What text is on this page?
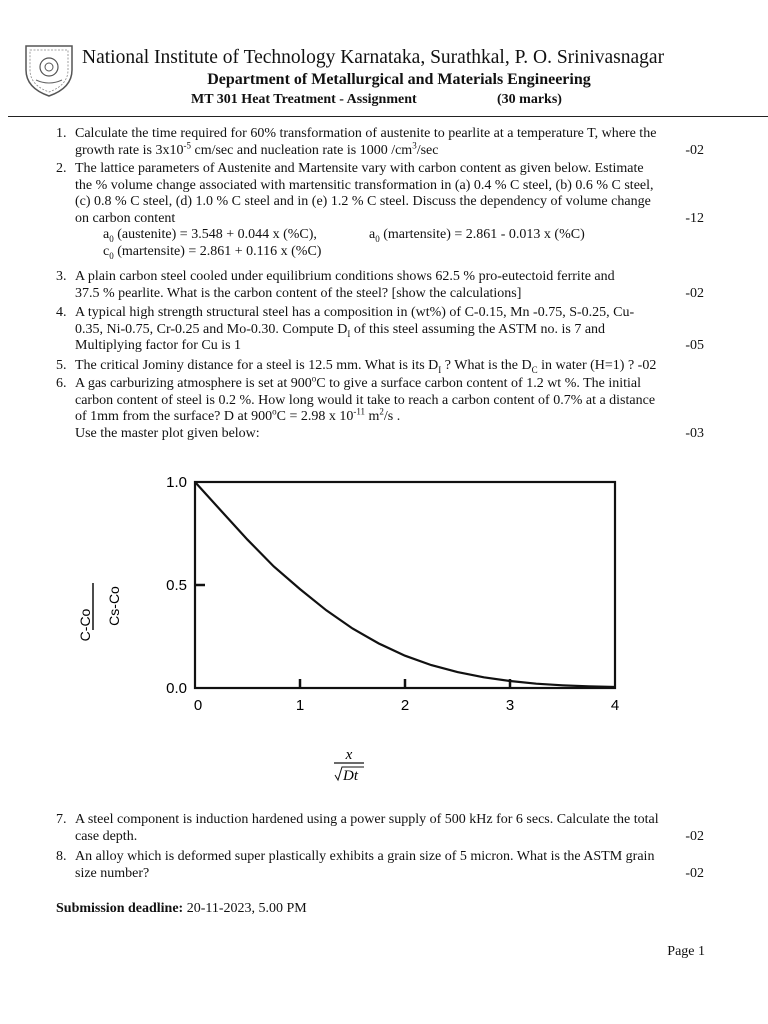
National Institute of Technology Karnataka, Surathkal, P. O. Srinivasnagar
Department of Metallurgical and Materials Engineering
MT 301 Heat Treatment - Assignment	(30 marks)
1. Calculate the time required for 60% transformation of austenite to pearlite at a temperature T, where the
growth rate is $3x10^{-5}$ cm/sec and nucleation rate is 1000 $/cm^3/\sec$	-02
2. The lattice parameters of Austenite and Martensite vary with carbon content as given below. Estimate
the % volume change associated with martensitic transformation in (a) 0.4 % C steel, (b) 0.6 % C steel,
(c) 0.8 % C steel, (d) 1.0 % C steel and in (e) 1.2 % C steel. Discuss the dependency of volume change
on carbon content	-12
$a_0$ (austenite) = 3.548 + 0.044 x (%C),	$a_0$ (martensite) = 2.861 - 0.013 x (%C)
$c_0$ (martensite) = 2.861 + 0.116 x (%C)
3. A plain carbon steel cooled under equilibrium conditions shows 62.5 % pro-eutectoid ferrite and
37.5 % pearlite. What is the carbon content of the steel? [show the calculations]	-02
4. A typical high strength structural steel has a composition in (wt%) of C-0.15, Mn -0.75, S-0.25, Cu-
0.35, Ni-0.75, Cr-0.25 and Mo-0.30. Compute $D_I$ of this steel assuming the ASTM no. is 7 and
Multiplying factor for Cu is 1	-05
5. The critical Jominy distance for a steel is 12.5 mm. What is its $D_I$ ? What is the $D_C$ in water (H=1) ? -02
6. A gas carburizing atmosphere is set at 900$^o$C to give a surface carbon content of 1.2 wt %. The initial
carbon content of steel is 0.2 %. How long would it take to reach a carbon content of 0.7% at a distance
of 1mm from the surface? D at $900^oC = 2.98$ x $10^{-11}$ $m^2/s$ .
Use the master plot given below:	-03
0	1	2	3	4
0.0
0.5
1.0
C-Co Cs-Co
x
Dt
7. A steel component is induction hardened using a power supply of 500 kHz for 6 secs. Calculate the total
case depth.	-02
8. An alloy which is deformed super plastically exhibits a grain size of 5 micron. What is the ASTM grain
size number?	-02
Submission deadline: 20-11-2023, 5.00 PM
Page 1
